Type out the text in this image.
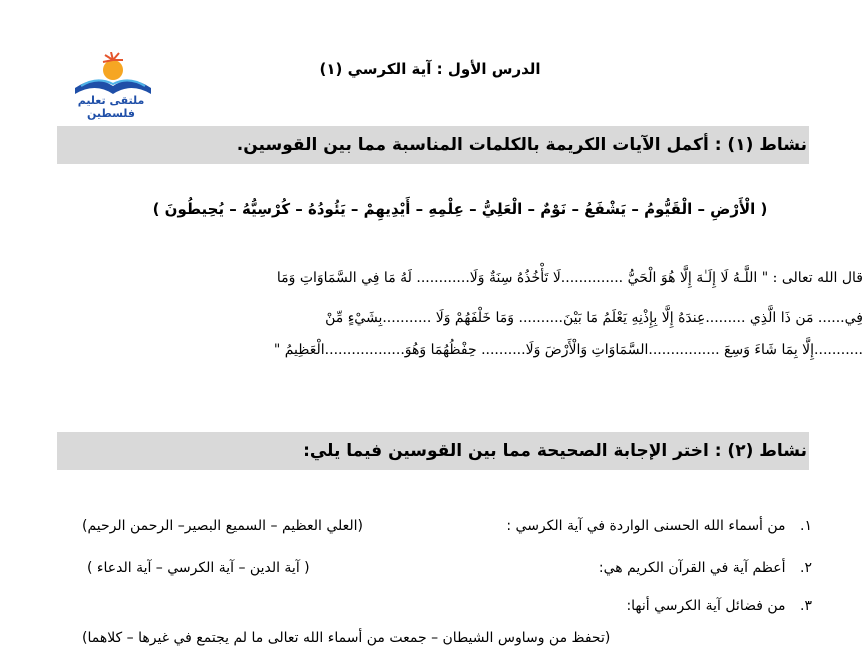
ملتقى تعليم فلسطين
الدرس الأول : آية الكرسي (١)
نشاط (١) : أكمل الآيات الكريمة بالكلمات المناسبة مما بين القوسين.
( الْأَرْضِ – الْقَيُّومُ – يَشْفَعُ – نَوْمٌ – الْعَلِيُّ – عِلْمِهِ – أَيْدِيهِمْ – يَئُودُهُ – كُرْسِيُّهُ – يُحِيطُونَ )
قال الله تعالى : " اللَّـهُ لَا إِلَـٰهَ إِلَّا هُوَ الْحَيُّ ..............لَا تَأْخُذُهُ سِنَةٌ وَلَا............ لَهُ مَا فِي السَّمَاوَاتِ وَمَا
فِي...... مَن ذَا الَّذِي .........عِندَهُ إِلَّا بِإِذْنِهِ يَعْلَمُ مَا بَيْنَ.......... وَمَا خَلْفَهُمْ وَلَا ...........بِشَيْءٍ مِّنْ
...........إِلَّا بِمَا شَاءَ وَسِعَ ................السَّمَاوَاتِ وَالْأَرْضَ وَلَا.......... حِفْظُهُمَا وَهُوَ..................الْعَظِيمُ "
نشاط (٢) : اختر الإجابة الصحيحة مما بين القوسين فيما يلي:
١. من أسماء الله الحسنى الواردة في آية الكرسي :
(العلي العظيم – السميع البصير– الرحمن الرحيم)
٢. أعظم آية في القرآن الكريم هي:
( آية الدين – آية الكرسي – آية الدعاء )
٣. من فضائل آية الكرسي أنها:
(تحفظ من وساوس الشيطان – جمعت من أسماء الله تعالى ما لم يجتمع في غيرها – كلاهما)
